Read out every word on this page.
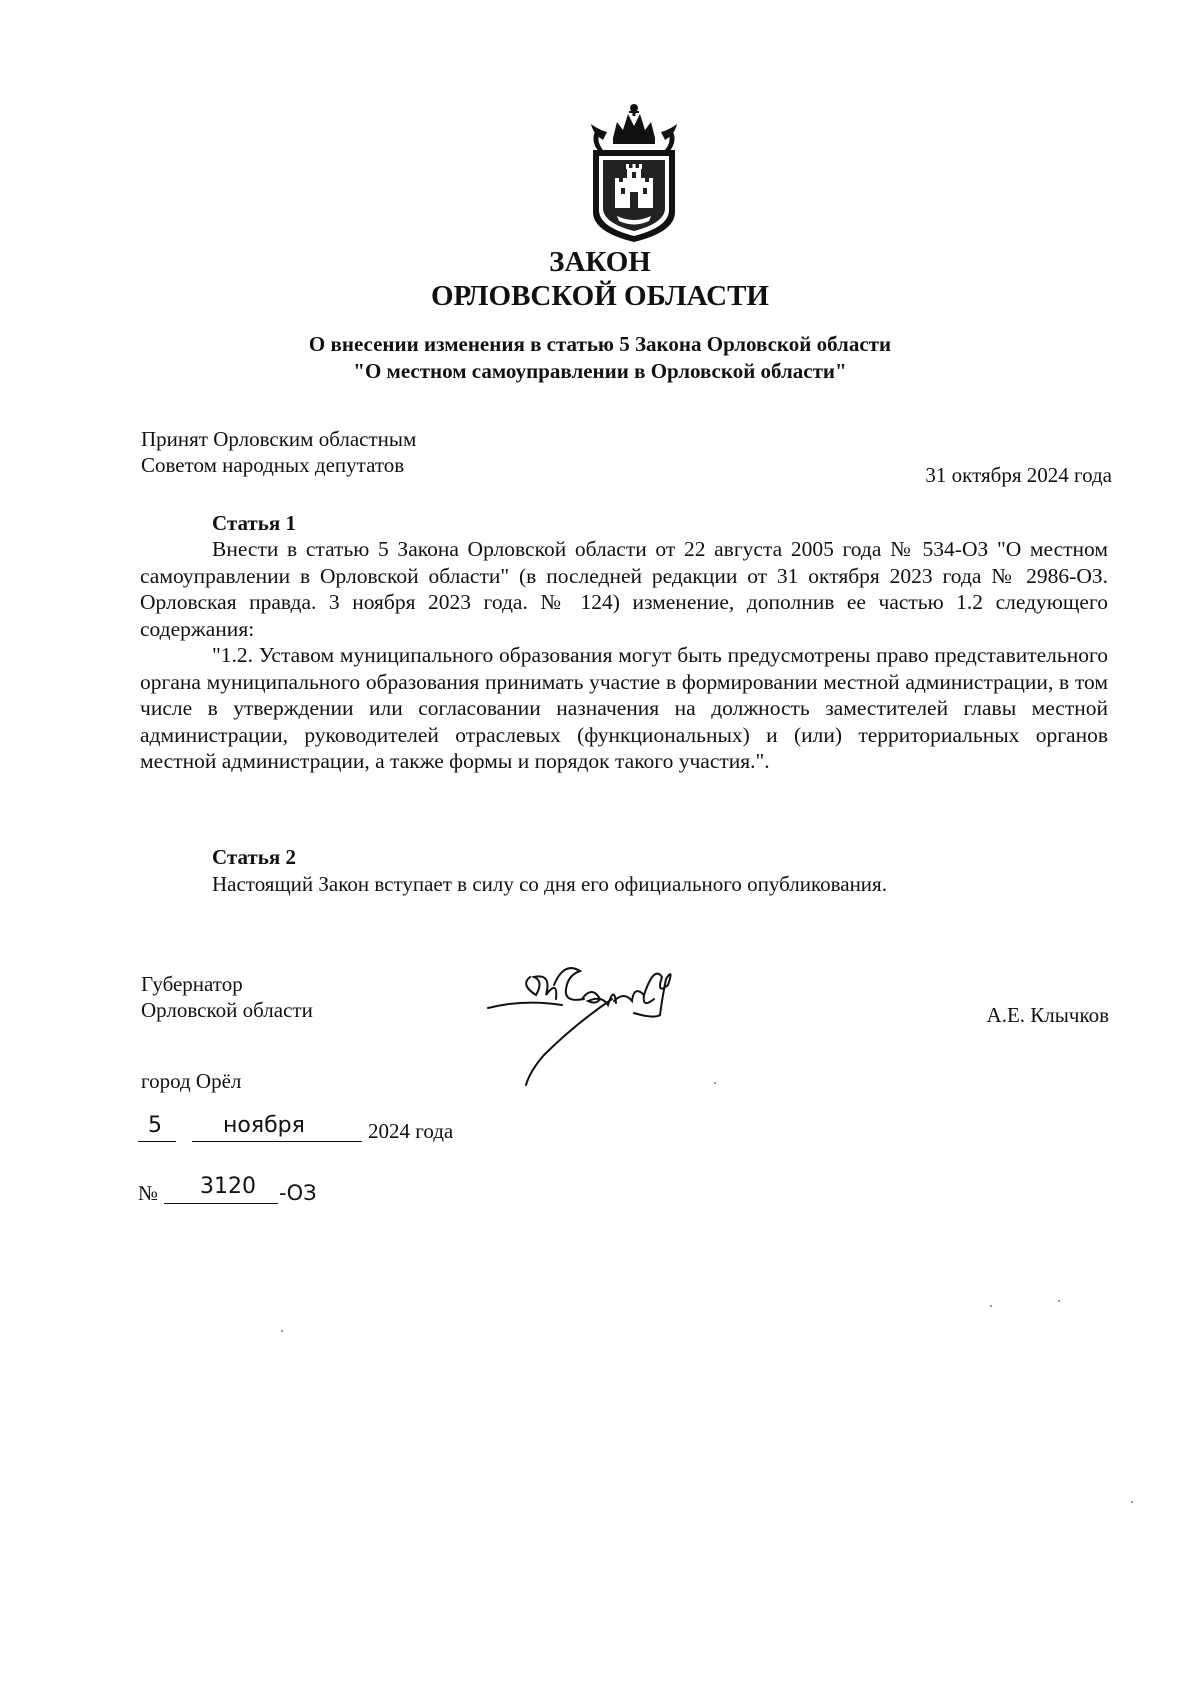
ЗАКОН
ОРЛОВСКОЙ ОБЛАСТИ
О внесении изменения в статью 5 Закона Орловской области
"О местном самоуправлении в Орловской области"
Принят Орловским областным
Советом народных депутатов	31 октября 2024 года
Статья 1

Внести в статью 5 Закона Орловской области от 22 августа 2005 года № 534-ОЗ "О местном самоуправлении в Орловской области" (в последней редакции от 31 октября 2023 года № 2986-ОЗ. Орловская правда. 3 ноября 2023 года. № 124) изменение, дополнив ее частью 1.2 следующего содержания:

"1.2. Уставом муниципального образования могут быть предусмотрены право представительного органа муниципального образования принимать участие в формировании местной администрации, в том числе в утверждении или согласовании назначения на должность заместителей главы местной администрации, руководителей отраслевых (функциональных) и (или) территориальных органов местной администрации, а также формы и порядок такого участия.".

Статья 2
Настоящий Закон вступает в силу со дня его официального опубликования.
Губернатор
Орловской области	А.Е. Клычков
город Орёл
5	ноября	2024 года
№ 3120 -ОЗ
